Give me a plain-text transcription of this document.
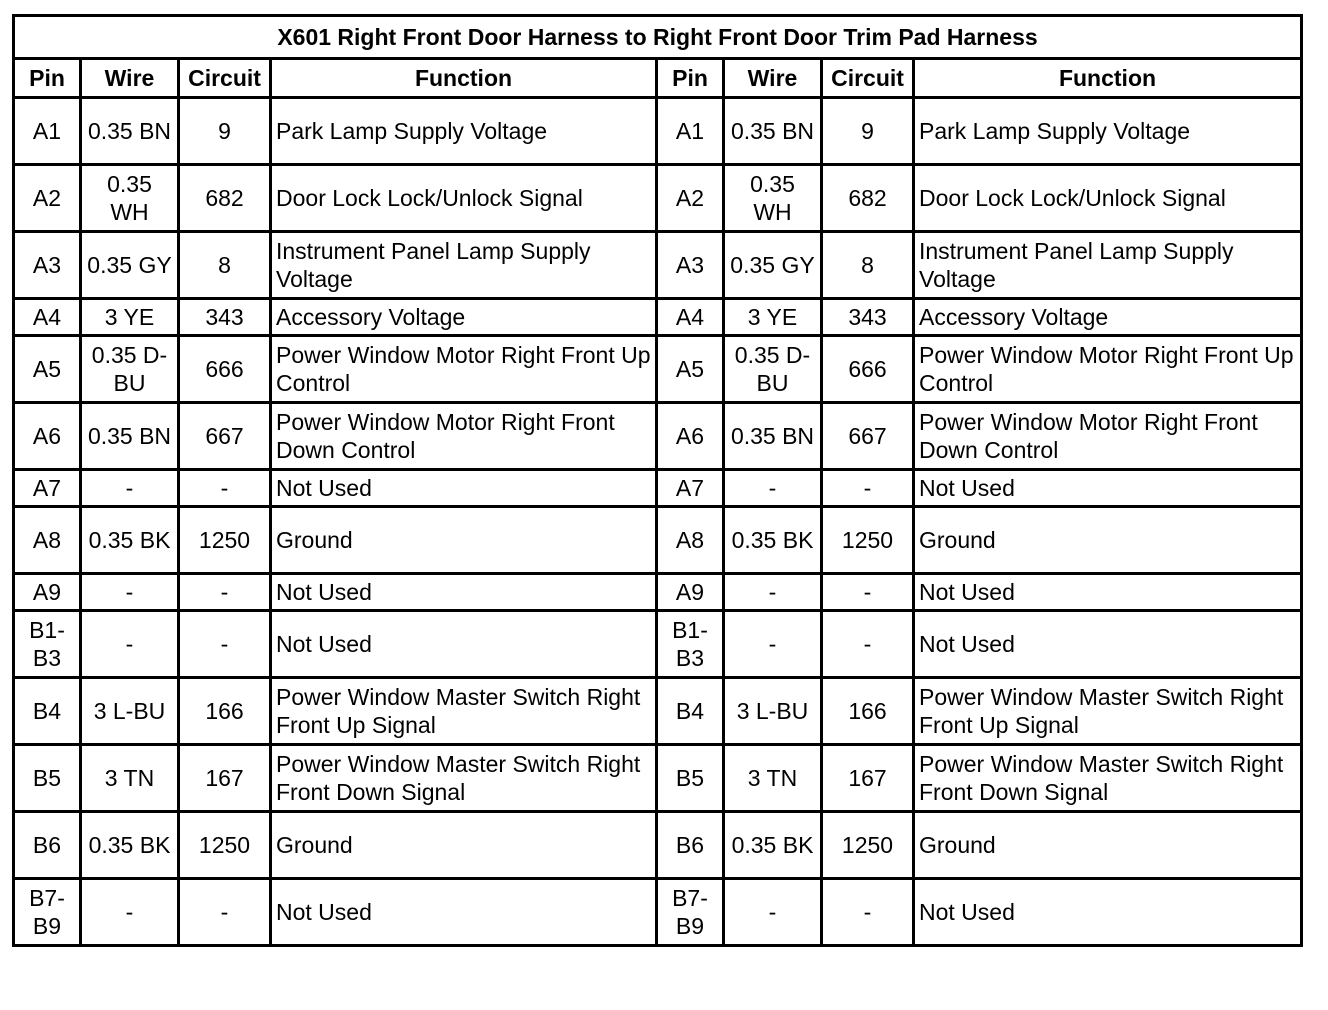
X601 Right Front Door Harness to Right Front Door Trim Pad Harness							
Pin	Wire	Circuit	Function	Pin	Wire	Circuit	Function
A1	0.35 BN	9	Park Lamp Supply Voltage	A1	0.35 BN	9	Park Lamp Supply Voltage
A2	0.35 WH	682	Door Lock Lock/Unlock Signal	A2	0.35 WH	682	Door Lock Lock/Unlock Signal
A3	0.35 GY	8	Instrument Panel Lamp Supply Voltage	A3	0.35 GY	8	Instrument Panel Lamp Supply Voltage
A4	3 YE	343	Accessory Voltage	A4	3 YE	343	Accessory Voltage
A5	0.35 D-BU	666	Power Window Motor Right Front Up Control	A5	0.35 D-BU	666	Power Window Motor Right Front Up Control
A6	0.35 BN	667	Power Window Motor Right Front Down Control	A6	0.35 BN	667	Power Window Motor Right Front Down Control
A7	-	-	Not Used	A7	-	-	Not Used
A8	0.35 BK	1250	Ground	A8	0.35 BK	1250	Ground
A9	-	-	Not Used	A9	-	-	Not Used
B1-B3	-	-	Not Used	B1-B3	-	-	Not Used
B4	3 L-BU	166	Power Window Master Switch Right Front Up Signal	B4	3 L-BU	166	Power Window Master Switch Right Front Up Signal
B5	3 TN	167	Power Window Master Switch Right Front Down Signal	B5	3 TN	167	Power Window Master Switch Right Front Down Signal
B6	0.35 BK	1250	Ground	B6	0.35 BK	1250	Ground
B7-B9	-	-	Not Used	B7-B9	-	-	Not Used
